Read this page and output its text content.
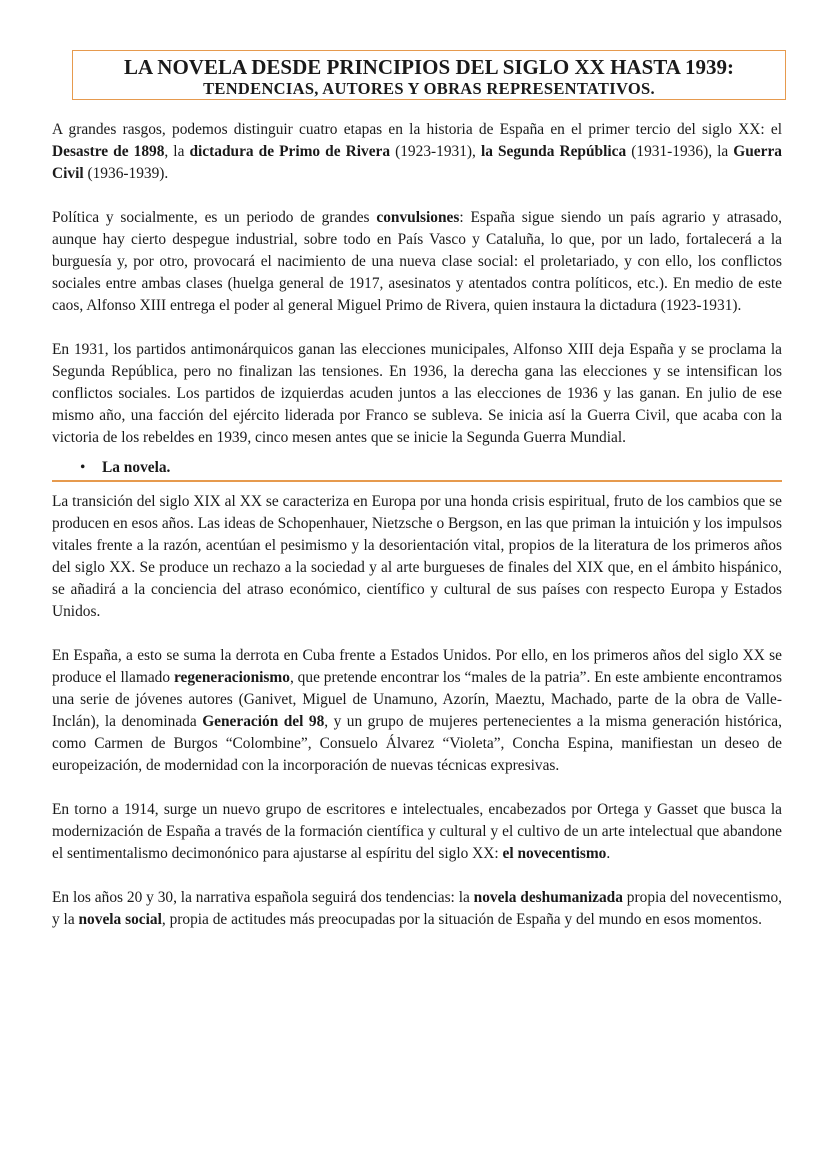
LA NOVELA DESDE PRINCIPIOS DEL SIGLO XX HASTA 1939:
TENDENCIAS, AUTORES Y OBRAS REPRESENTATIVOS.

A grandes rasgos, podemos distinguir cuatro etapas en la historia de España en el primer tercio del siglo XX: el Desastre de 1898, la dictadura de Primo de Rivera (1923-1931), la Segunda República (1931-1936), la Guerra Civil (1936-1939).

Política y socialmente, es un periodo de grandes convulsiones: España sigue siendo un país agrario y atrasado, aunque hay cierto despegue industrial, sobre todo en País Vasco y Cataluña, lo que, por un lado, fortalecerá a la burguesía y, por otro, provocará el nacimiento de una nueva clase social: el proletariado, y con ello, los conflictos sociales entre ambas clases (huelga general de 1917, asesinatos y atentados contra políticos, etc.). En medio de este caos, Alfonso XIII entrega el poder al general Miguel Primo de Rivera, quien instaura la dictadura (1923-1931).

En 1931, los partidos antimonárquicos ganan las elecciones municipales, Alfonso XIII deja España y se proclama la Segunda República, pero no finalizan las tensiones. En 1936, la derecha gana las elecciones y se intensifican los conflictos sociales. Los partidos de izquierdas acuden juntos a las elecciones de 1936 y las ganan. En julio de ese mismo año, una facción del ejército liderada por Franco se subleva. Se inicia así la Guerra Civil, que acaba con la victoria de los rebeldes en 1939, cinco mesen antes que se inicie la Segunda Guerra Mundial.

• La novela.

La transición del siglo XIX al XX se caracteriza en Europa por una honda crisis espiritual, fruto de los cambios que se producen en esos años. Las ideas de Schopenhauer, Nietzsche o Bergson, en las que priman la intuición y los impulsos vitales frente a la razón, acentúan el pesimismo y la desorientación vital, propios de la literatura de los primeros años del siglo XX. Se produce un rechazo a la sociedad y al arte burgueses de finales del XIX que, en el ámbito hispánico, se añadirá a la conciencia del atraso económico, científico y cultural de sus países con respecto Europa y Estados Unidos.

En España, a esto se suma la derrota en Cuba frente a Estados Unidos. Por ello, en los primeros años del siglo XX se produce el llamado regeneracionismo, que pretende encontrar los “males de la patria”. En este ambiente encontramos una serie de jóvenes autores (Ganivet, Miguel de Unamuno, Azorín, Maeztu, Machado, parte de la obra de Valle-Inclán), la denominada Generación del 98, y un grupo de mujeres pertenecientes a la misma generación histórica, como Carmen de Burgos “Colombine”, Consuelo Álvarez “Violeta”, Concha Espina, manifiestan un deseo de europeización, de modernidad con la incorporación de nuevas técnicas expresivas.

En torno a 1914, surge un nuevo grupo de escritores e intelectuales, encabezados por Ortega y Gasset que busca la modernización de España a través de la formación científica y cultural y el cultivo de un arte intelectual que abandone el sentimentalismo decimonónico para ajustarse al espíritu del siglo XX: el novecentismo.

En los años 20 y 30, la narrativa española seguirá dos tendencias: la novela deshumanizada propia del novecentismo, y la novela social, propia de actitudes más preocupadas por la situación de España y del mundo en esos momentos.
